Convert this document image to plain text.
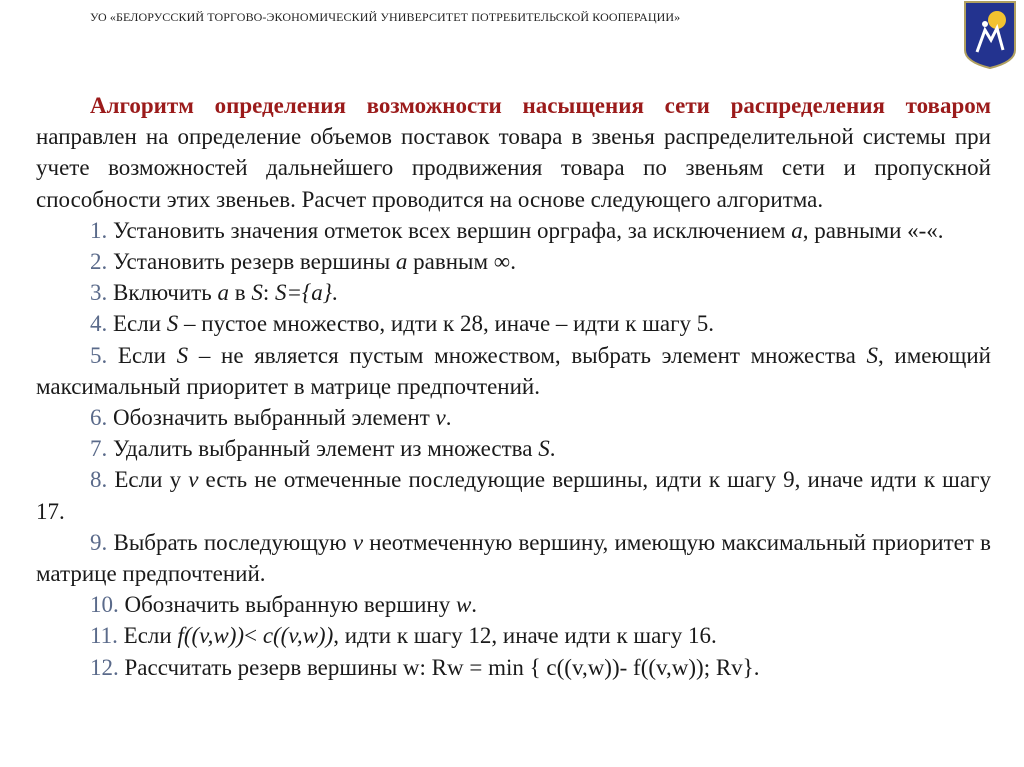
УО «БЕЛОРУССКИЙ ТОРГОВО-ЭКОНОМИЧЕСКИЙ УНИВЕРСИТЕТ ПОТРЕБИТЕЛЬСКОЙ КООПЕРАЦИИ»

Алгоритм определения возможности насыщения сети распределения товаром направлен на определение объемов поставок товара в звенья распределительной системы при учете возможностей дальнейшего продвижения товара по звеньям сети и пропускной способности этих звеньев. Расчет проводится на основе следующего алгоритма.

1. Установить значения отметок всех вершин орграфа, за исключением a, равными «-«.

2. Установить резерв вершины a равным ∞.

3. Включить a в S: S={a}.

4. Если S – пустое множество, идти к 28, иначе – идти к шагу 5.

5. Если S – не является пустым множеством, выбрать элемент множества S, имеющий максимальный приоритет в матрице предпочтений.

6. Обозначить выбранный элемент v.

7. Удалить выбранный элемент из множества S.

8. Если у v есть не отмеченные последующие вершины, идти к шагу 9, иначе идти к шагу 17.

9. Выбрать последующую v неотмеченную вершину, имеющую максимальный приоритет в матрице предпочтений.

10. Обозначить выбранную вершину w.

11. Если f((v,w))< c((v,w)), идти к шагу 12, иначе идти к шагу 16.

12. Рассчитать резерв вершины w: Rw = min { c((v,w))- f((v,w)); Rv}.
